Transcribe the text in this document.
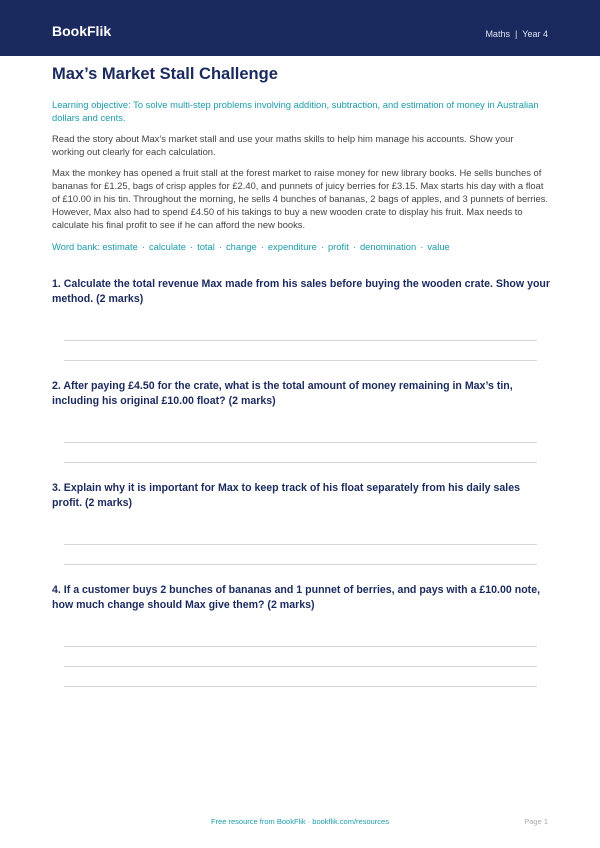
BookFlik	Maths | Year 4
Max’s Market Stall Challenge
Learning objective: To solve multi-step problems involving addition, subtraction, and estimation of money in Australian dollars and cents.
Read the story about Max’s market stall and use your maths skills to help him manage his accounts. Show your working out clearly for each calculation.
Max the monkey has opened a fruit stall at the forest market to raise money for new library books. He sells bunches of bananas for £1.25, bags of crisp apples for £2.40, and punnets of juicy berries for £3.15. Max starts his day with a float of £10.00 in his tin. Throughout the morning, he sells 4 bunches of bananas, 2 bags of apples, and 3 punnets of berries. However, Max also had to spend £4.50 of his takings to buy a new wooden crate to display his fruit. Max needs to calculate his final profit to see if he can afford the new books.
Word bank: estimate · calculate · total · change · expenditure · profit · denomination · value
1. Calculate the total revenue Max made from his sales before buying the wooden crate. Show your method. (2 marks)
2. After paying £4.50 for the crate, what is the total amount of money remaining in Max’s tin, including his original £10.00 float? (2 marks)
3. Explain why it is important for Max to keep track of his float separately from his daily sales profit. (2 marks)
4. If a customer buys 2 bunches of bananas and 1 punnet of berries, and pays with a £10.00 note, how much change should Max give them? (2 marks)
Free resource from BookFlik · bookflik.com/resources	Page 1
